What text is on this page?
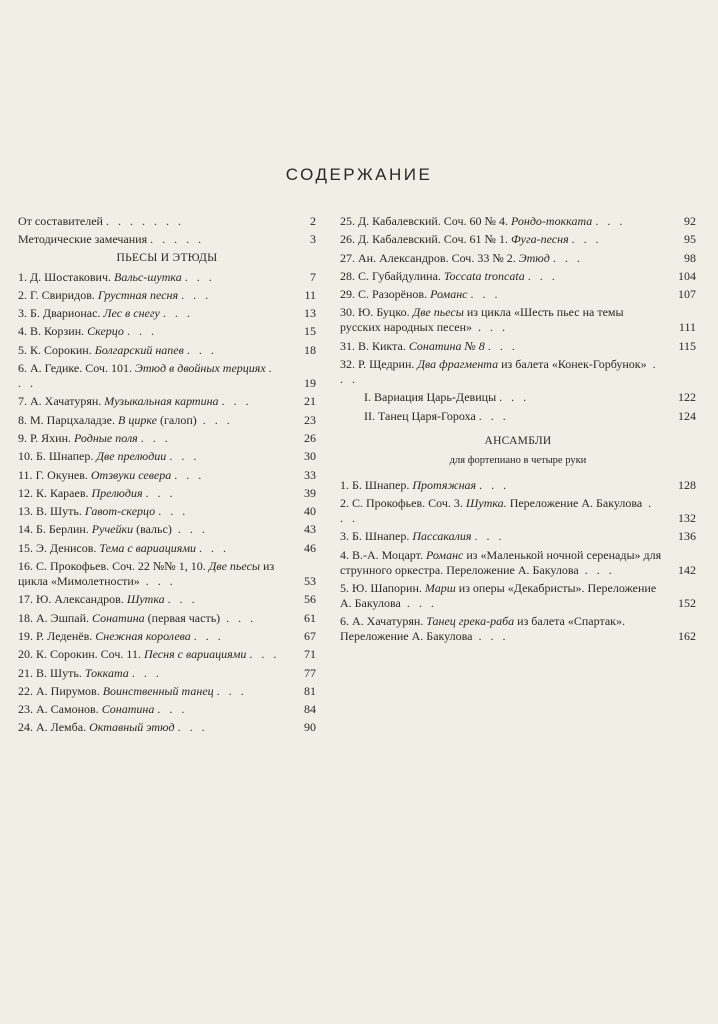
СОДЕРЖАНИЕ
От составителей . . . . . . .	2
Методические замечания . . . . .	3
ПЬЕСЫ И ЭТЮДЫ
1. Д. Шостакович. Вальс-шутка . . .	7
2. Г. Свиридов. Грустная песня . . .	11
3. Б. Дварионас. Лес в снегу . . .	13
4. В. Корзин. Скерцо . . .	15
5. К. Сорокин. Болгарский напев . . .	18
6. А. Гедике. Соч. 101. Этюд в двойных терциях . . .	19
7. А. Хачатурян. Музыкальная картина . . .	21
8. М. Парцхаладзе. В цирке (галоп) . . .	23
9. Р. Яхин. Родные поля . . .	26
10. Б. Шнапер. Две прелюдии . . .	30
11. Г. Окунев. Отзвуки севера . . .	33
12. К. Караев. Прелюдия . . .	39
13. В. Шуть. Гавот-скерцо . . .	40
14. Б. Берлин. Ручейки (вальс) . . .	43
15. Э. Денисов. Тема с вариациями . . .	46
16. С. Прокофьев. Соч. 22 №№ 1, 10. Две пьесы из цикла «Мимолетности» . . .	53
17. Ю. Александров. Шутка . . .	56
18. А. Эшпай. Сонатина (первая часть) . . .	61
19. Р. Леденёв. Снежная королева . . .	67
20. К. Сорокин. Соч. 11. Песня с вариациями . . .	71
21. В. Шуть. Токката . . .	77
22. А. Пирумов. Воинственный танец . . .	81
23. А. Самонов. Сонатина . . .	84
24. А. Лемба. Октавный этюд . . .	90
25. Д. Кабалевский. Соч. 60 № 4. Рондо-токката . . .	92
26. Д. Кабалевский. Соч. 61 № 1. Фуга-песня . . .	95
27. Ан. Александров. Соч. 33 № 2. Этюд . . .	98
28. С. Губайдулина. Toccata troncata . . .	104
29. С. Разорёнов. Романс . . .	107
30. Ю. Буцко. Две пьесы из цикла «Шесть пьес на темы русских народных песен» . . .	111
31. В. Кикта. Сонатина № 8 . . .	115
32. Р. Щедрин. Два фрагмента из балета «Конек-Горбунок» . . .
I. Вариация Царь-Девицы . . .	122
II. Танец Царя-Гороха . . .	124
АНСАМБЛИ
для фортепиано в четыре руки
1. Б. Шнапер. Протяжная . . .	128
2. С. Прокофьев. Соч. 3. Шутка. Переложение А. Бакулова . . .	132
3. Б. Шнапер. Пассакалия . . .	136
4. В.-А. Моцарт. Романс из «Маленькой ночной серенады» для струнного оркестра. Переложение А. Бакулова . . .	142
5. Ю. Шапорин. Марш из оперы «Декабристы». Переложение А. Бакулова . . .	152
6. А. Хачатурян. Танец грека-раба из балета «Спартак». Переложение А. Бакулова . . .	162
